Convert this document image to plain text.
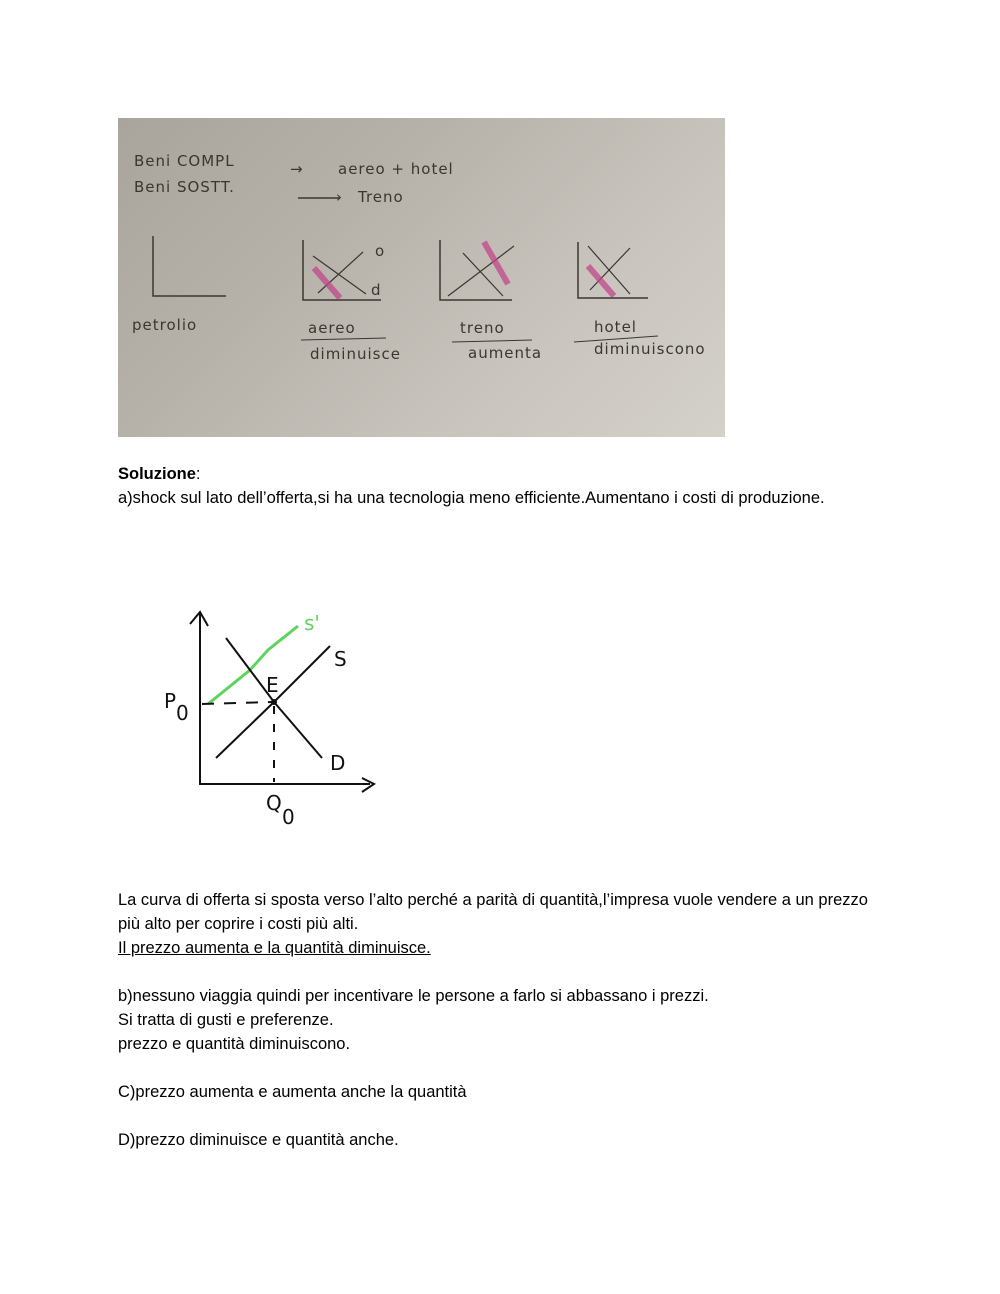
Beni COMPL	→ aereo + hotel
Beni SOSTT.
› Treno
petrolio
o
d
aereo
diminuisce
treno
aumenta
hotel
diminuiscono

Soluzione:

a)shock sul lato dell’offerta,si ha una tecnologia meno efficiente.Aumentano i costi di produzione.

E
S
s'
D
P 0
Q
0

La curva di offerta si sposta verso l’alto perché a parità di quantità,l’impresa vuole vendere a un prezzo più alto per coprire i costi più alti.

Il prezzo aumenta e la quantità diminuisce.

b)nessuno viaggia quindi per incentivare le persone a farlo si abbassano i prezzi.

Si tratta di gusti e preferenze.

prezzo e quantità diminuiscono.

C)prezzo aumenta e aumenta anche la quantità

D)prezzo diminuisce e quantità anche.
